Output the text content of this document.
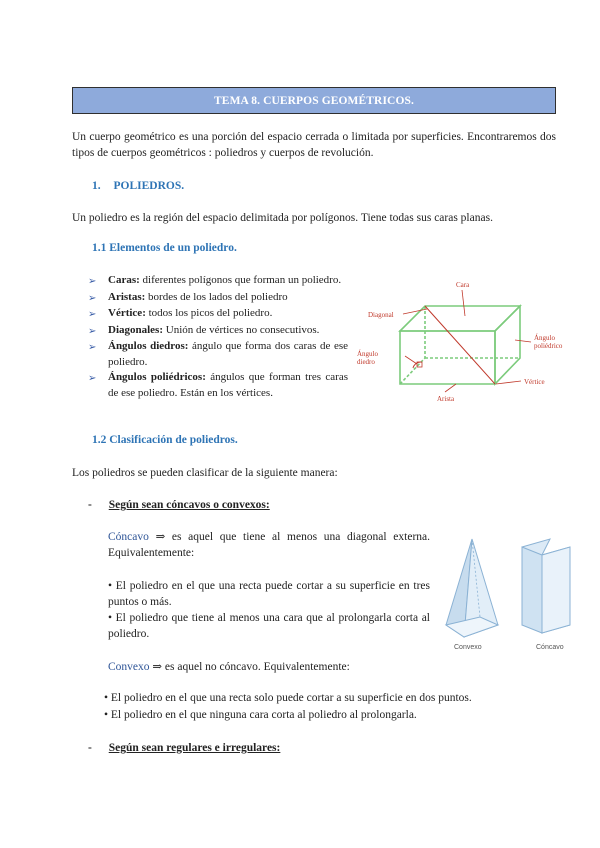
TEMA 8. CUERPOS GEOMÉTRICOS.
Un cuerpo geométrico es una porción del espacio cerrada o limitada por superficies. Encontraremos dos tipos de cuerpos geométricos : poliedros y cuerpos de revolución.
1. POLIEDROS.
Un poliedro es la región del espacio delimitada por polígonos. Tiene todas sus caras planas.
1.1 Elementos de un poliedro.
➢	Caras: diferentes polígonos que forman un poliedro.
➢	Aristas: bordes de los lados del poliedro
➢	Vértice: todos los picos del poliedro.
➢	Diagonales: Unión de vértices no consecutivos.
➢	Ángulos diedros: ángulo que forma dos caras de ese poliedro.
➢	Ángulos poliédricos: ángulos que forman tres caras de ese poliedro. Están en los vértices.
Cara
Diagonal
Ángulo
poliédrico
Ángulo
diedro
Vértice
Arista
1.2 Clasificación de poliedros.
Los poliedros se pueden clasificar de la siguiente manera:
- Según sean cóncavos o convexos:
Cóncavo ⇒ es aquel que tiene al menos una diagonal externa. Equivalentemente:
• El poliedro en el que una recta puede cortar a su superficie en tres puntos o más.
• El poliedro que tiene al menos una cara que al prolongarla corta al poliedro.
Convexo	Cóncavo
Convexo ⇒ es aquel no cóncavo. Equivalentemente:
• El poliedro en el que una recta solo puede cortar a su superficie en dos puntos.
• El poliedro en el que ninguna cara corta al poliedro al prolongarla.
- Según sean regulares e irregulares:
